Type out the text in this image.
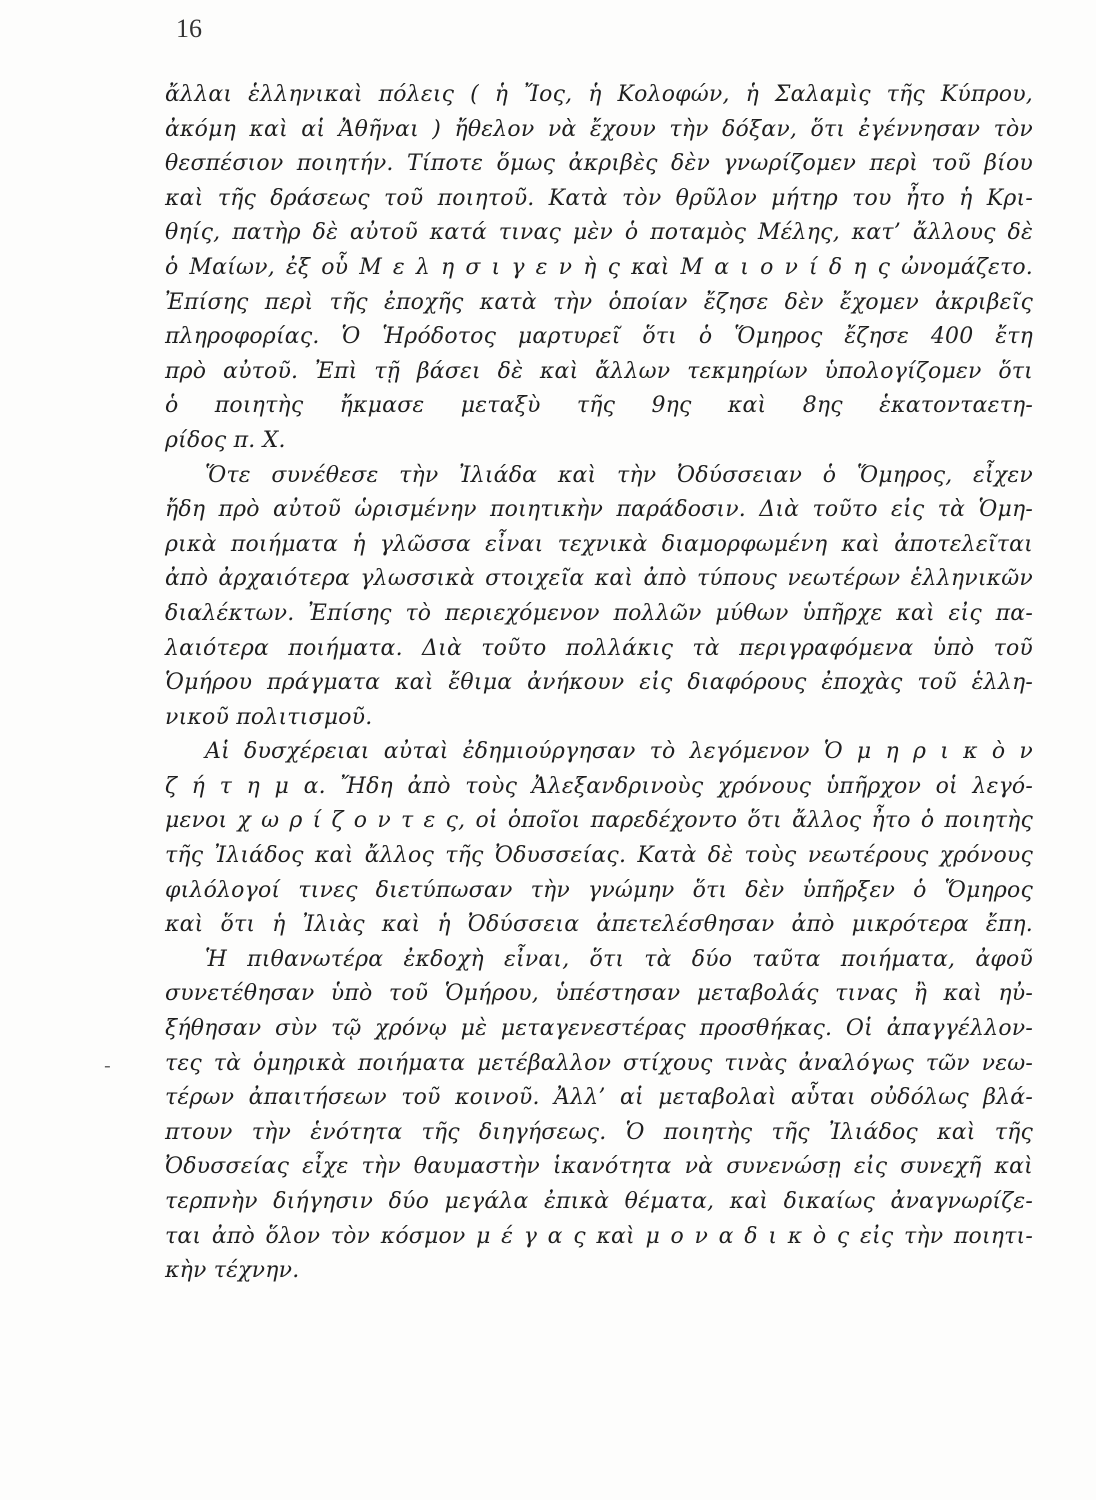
16
-
ἄλλαι ἑλληνικαὶ πόλεις ( ἡ Ἴος, ἡ Κολοφών, ἡ Σαλαμὶς τῆς Κύπρου,
ἀκόμη καὶ αἱ Ἀθῆναι ) ἤθελον νὰ ἔχουν τὴν δόξαν, ὅτι ἐγέννησαν τὸν
θεσπέσιον ποιητήν. Τίποτε ὅμως ἀκριβὲς δὲν γνωρίζομεν περὶ τοῦ βίου
καὶ τῆς δράσεως τοῦ ποιητοῦ. Κατὰ τὸν θρῦλον μήτηρ του ἦτο ἡ Κρι-
θηίς, πατὴρ δὲ αὐτοῦ κατά τινας μὲν ὁ ποταμὸς Μέλης, κατ’ ἄλλους δὲ
ὁ Μαίων, ἐξ οὗ Μ ε λ η σ ι γ ε ν ὴ ς καὶ Μ α ι ο ν ί δ η ς ὠνομάζετο.
Ἐπίσης περὶ τῆς ἐποχῆς κατὰ τὴν ὁποίαν ἔζησε δὲν ἔχομεν ἀκριβεῖς
πληροφορίας. Ὁ Ἡρόδοτος μαρτυρεῖ ὅτι ὁ Ὅμηρος ἔζησε 400 ἔτη
πρὸ αὐτοῦ. Ἐπὶ τῇ βάσει δὲ καὶ ἄλλων τεκμηρίων ὑπολογίζομεν ὅτι
ὁ ποιητὴς ἤκμασε μεταξὺ τῆς 9ης καὶ 8ης ἑκατονταετη-
ρίδος π. Χ.
Ὅτε συνέθεσε τὴν Ἰλιάδα καὶ τὴν Ὀδύσσειαν ὁ Ὅμηρος, εἶχεν
ἤδη πρὸ αὐτοῦ ὡρισμένην ποιητικὴν παράδοσιν. Διὰ τοῦτο εἰς τὰ Ὁμη-
ρικὰ ποιήματα ἡ γλῶσσα εἶναι τεχνικὰ διαμορφωμένη καὶ ἀποτελεῖται
ἀπὸ ἀρχαιότερα γλωσσικὰ στοιχεῖα καὶ ἀπὸ τύπους νεωτέρων ἑλληνικῶν
διαλέκτων. Ἐπίσης τὸ περιεχόμενον πολλῶν μύθων ὑπῆρχε καὶ εἰς πα-
λαιότερα ποιήματα. Διὰ τοῦτο πολλάκις τὰ περιγραφόμενα ὑπὸ τοῦ
Ὁμήρου πράγματα καὶ ἔθιμα ἀνήκουν εἰς διαφόρους ἐποχὰς τοῦ ἑλλη-
νικοῦ πολιτισμοῦ.
Αἱ δυσχέρειαι αὐταὶ ἐδημιούργησαν τὸ λεγόμενον Ὁ μ η ρ ι κ ὸ ν
ζ ή τ η μ α. Ἤδη ἀπὸ τοὺς Ἀλεξανδρινοὺς χρόνους ὑπῆρχον οἱ λεγό-
μενοι χ ω ρ ί ζ ο ν τ ε ς, οἱ ὁποῖοι παρεδέχοντο ὅτι ἄλλος ἦτο ὁ ποιητὴς
τῆς Ἰλιάδος καὶ ἄλλος τῆς Ὀδυσσείας. Κατὰ δὲ τοὺς νεωτέρους χρόνους
φιλόλογοί τινες διετύπωσαν τὴν γνώμην ὅτι δὲν ὑπῆρξεν ὁ Ὅμηρος
καὶ ὅτι ἡ Ἰλιὰς καὶ ἡ Ὀδύσσεια ἀπετελέσθησαν ἀπὸ μικρότερα ἔπη.
Ἡ πιθανωτέρα ἐκδοχὴ εἶναι, ὅτι τὰ δύο ταῦτα ποιήματα, ἀφοῦ
συνετέθησαν ὑπὸ τοῦ Ὁμήρου, ὑπέστησαν μεταβολάς τινας ἢ καὶ ηὐ-
ξήθησαν σὺν τῷ χρόνῳ μὲ μεταγενεστέρας προσθήκας. Οἱ ἀπαγγέλλον-
τες τὰ ὁμηρικὰ ποιήματα μετέβαλλον στίχους τινὰς ἀναλόγως τῶν νεω-
τέρων ἀπαιτήσεων τοῦ κοινοῦ. Ἀλλ’ αἱ μεταβολαὶ αὗται οὐδόλως βλά-
πτουν τὴν ἑνότητα τῆς διηγήσεως. Ὁ ποιητὴς τῆς Ἰλιάδος καὶ τῆς
Ὀδυσσείας εἶχε τὴν θαυμαστὴν ἱκανότητα νὰ συνενώσῃ εἰς συνεχῆ καὶ
τερπνὴν διήγησιν δύο μεγάλα ἐπικὰ θέματα, καὶ δικαίως ἀναγνωρίζε-
ται ἀπὸ ὅλον τὸν κόσμον μ έ γ α ς καὶ μ ο ν α δ ι κ ὸ ς εἰς τὴν ποιητι-
κὴν τέχνην.
